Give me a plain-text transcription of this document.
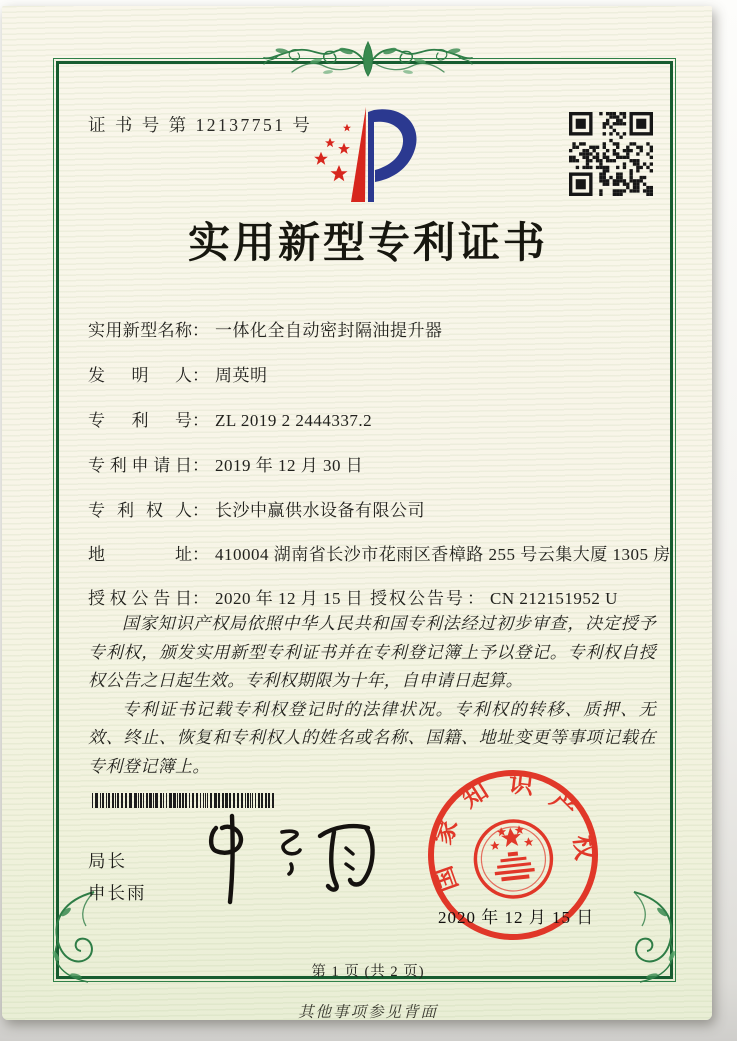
证 书 号 第 12137751 号
实用新型专利证书
实用新型名称： 一体化全自动密封隔油提升器
发明人： 周英明
专利号： ZL 2019 2 2444337.2
专利申请日： 2019 年 12 月 30 日
专利权人： 长沙中赢供水设备有限公司
地址： 410004 湖南省长沙市花雨区香樟路 255 号云集大厦 1305 房
授权公告日： 2020 年 12 月 15 日 授权公告号 ： CN 212151952 U

国家知识产权局依照中华人民共和国专利法经过初步审查，决定授予专利权，颁发实用新型专利证书并在专利登记簿上予以登记。专利权自授权公告之日起生效。专利权期限为十年，自申请日起算。

专利证书记载专利权登记时的法律状况。专利权的转移、质押、无效、终止、恢复和专利权人的姓名或名称、国籍、地址变更等事项记载在专利登记簿上。

局长
申长雨	国家知识产权局
2020 年 12 月 15 日
第 1 页 (共 2 页)
其他事项参见背面
